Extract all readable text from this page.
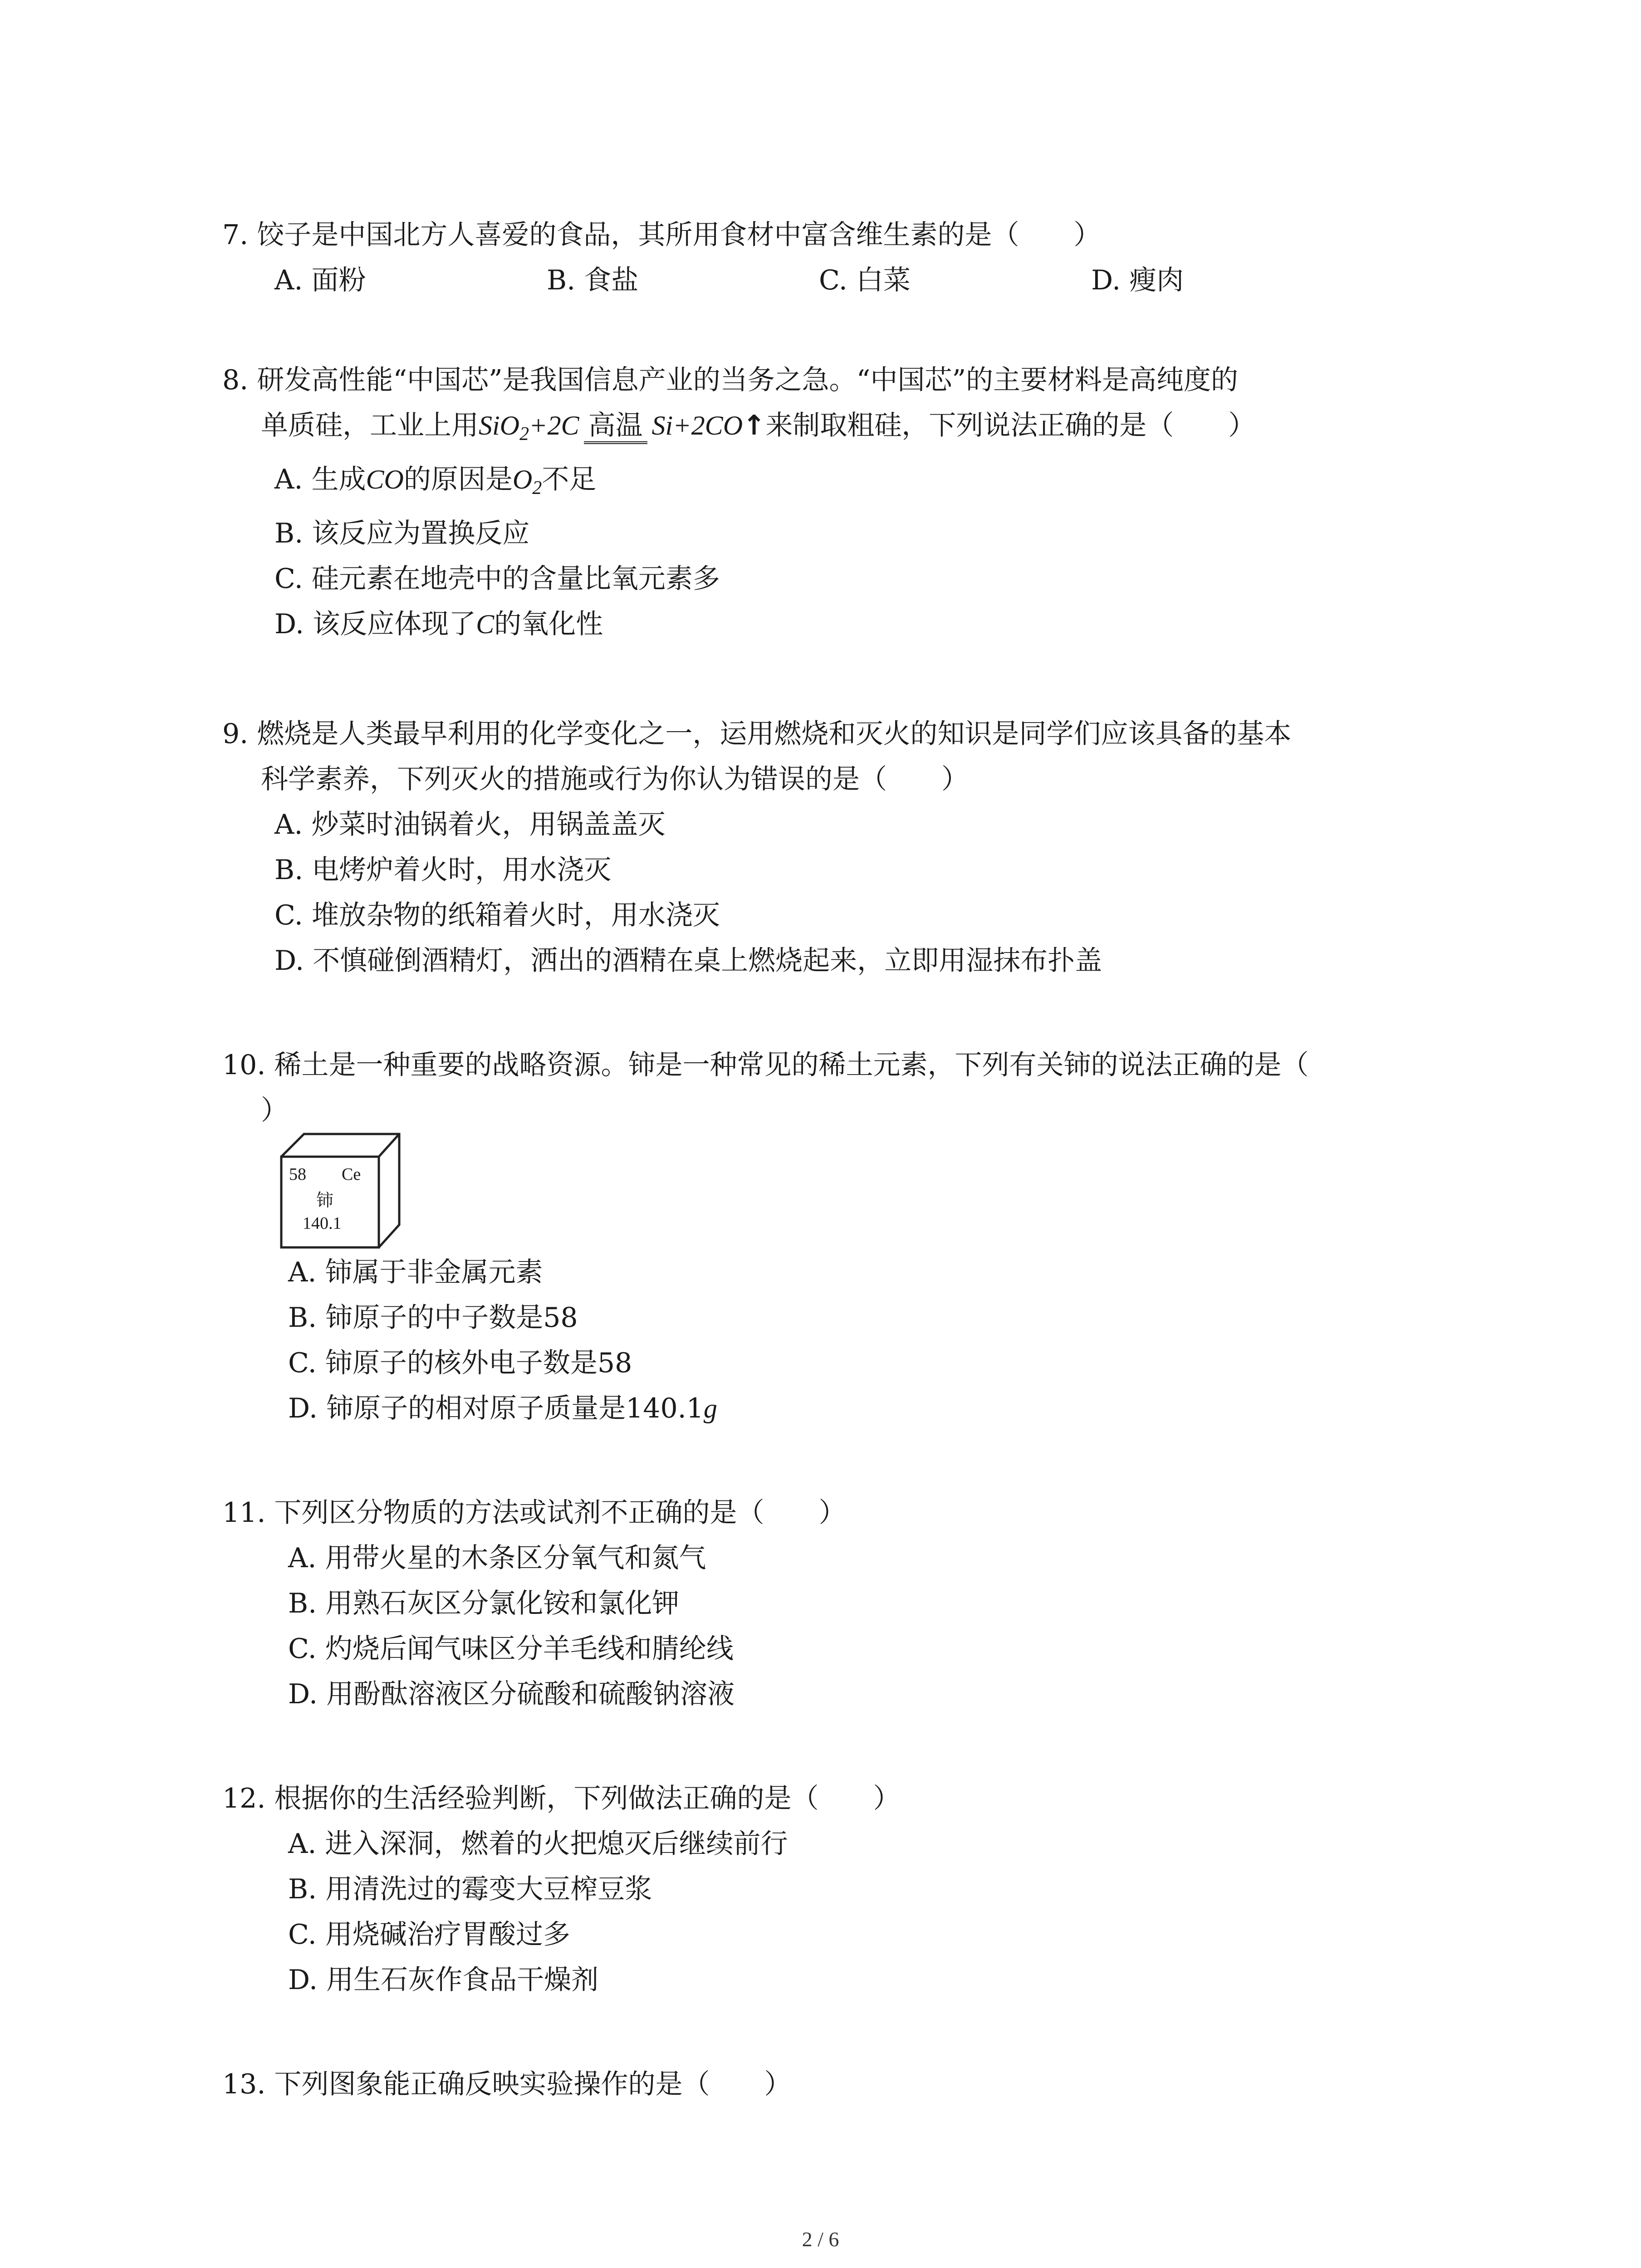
7. 饺子是中国北方人喜爱的食品，其所用食材中富含维生素的是（　　）
A. 面粉	B. 食盐	C. 白菜	D. 瘦肉
8. 研发高性能“中国芯”是我国信息产业的当务之急。“中国芯”的主要材料是高纯度的
单质硅，工业上用SiO$_2$+2C 高温 Si+2CO↑来制取粗硅，下列说法正确的是（　　）
A. 生成CO的原因是$O_2$不足
B. 该反应为置换反应
C. 硅元素在地壳中的含量比氧元素多
D. 该反应体现了C的氧化性
9. 燃烧是人类最早利用的化学变化之一，运用燃烧和灭火的知识是同学们应该具备的基本
科学素养，下列灭火的措施或行为你认为错误的是（　　）
A. 炒菜时油锅着火，用锅盖盖灭
B. 电烤炉着火时，用水浇灭
C. 堆放杂物的纸箱着火时，用水浇灭
D. 不慎碰倒酒精灯，洒出的酒精在桌上燃烧起来，立即用湿抹布扑盖
10. 稀土是一种重要的战略资源。铈是一种常见的稀土元素，下列有关铈的说法正确的是（
）
58 Ce
铈
140.1
A. 铈属于非金属元素
B. 铈原子的中子数是58
C. 铈原子的核外电子数是58
D. 铈原子的相对原子质量是140.1g
11. 下列区分物质的方法或试剂不正确的是（　　）
A. 用带火星的木条区分氧气和氮气
B. 用熟石灰区分氯化铵和氯化钾
C. 灼烧后闻气味区分羊毛线和腈纶线
D. 用酚酞溶液区分硫酸和硫酸钠溶液
12. 根据你的生活经验判断，下列做法正确的是（　　）
A. 进入深洞，燃着的火把熄灭后继续前行
B. 用清洗过的霉变大豆榨豆浆
C. 用烧碱治疗胃酸过多
D. 用生石灰作食品干燥剂
13. 下列图象能正确反映实验操作的是（　　）
2 / 6
